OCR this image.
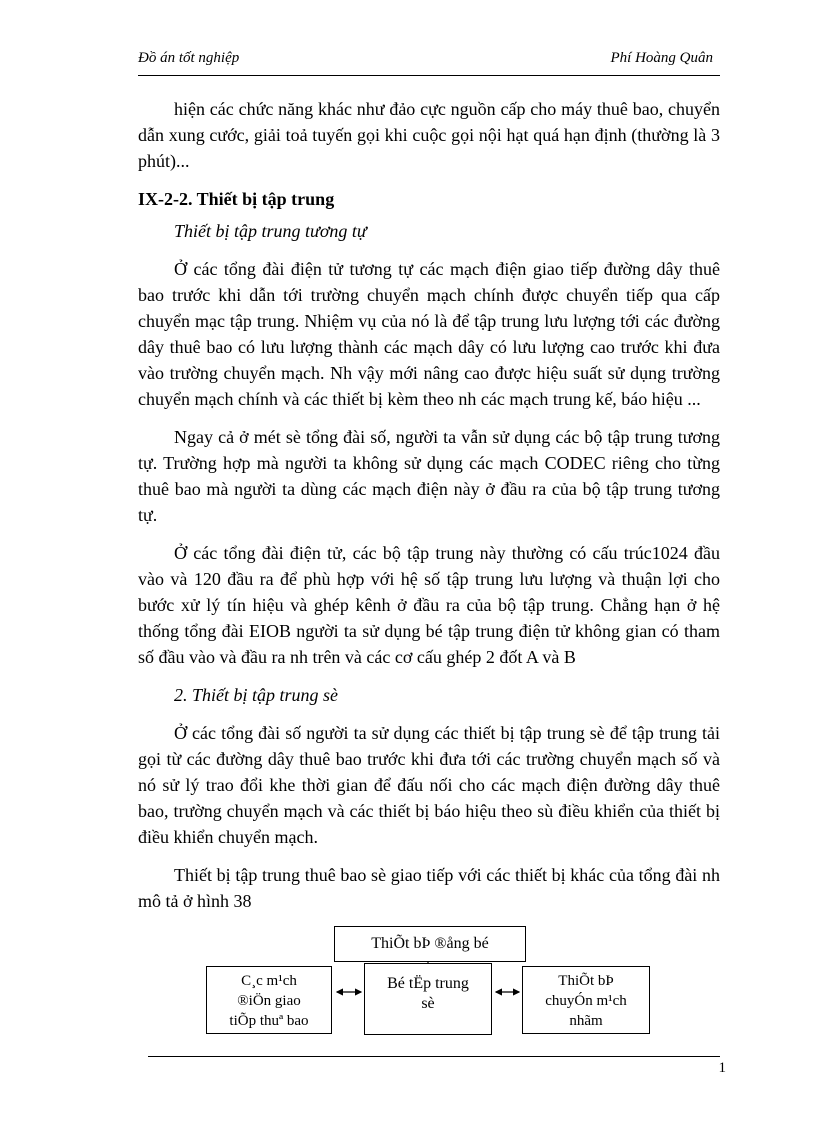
Đồ án tốt nghiệp	Phí Hoàng Quân

hiện các chức năng khác như đảo cực nguồn cấp cho máy thuê bao, chuyển dẫn xung cước, giải toả tuyến gọi khi cuộc gọi nội hạt quá hạn định (thường là 3 phút)...

IX-2-2. Thiết bị tập trung
Thiết bị tập trung tương tự

Ở các tổng đài điện tử tương tự các mạch điện giao tiếp đường dây thuê bao trước khi dẫn tới trường chuyển mạch chính được chuyển tiếp qua cấp chuyển mạc tập trung. Nhiệm vụ của nó là để tập trung lưu lượng tới các đường dây thuê bao có lưu lượng thành các mạch dây có lưu lượng cao trước khi đưa vào trường chuyển mạch. Nh vậy mới nâng cao được hiệu suất sử dụng trường chuyển mạch chính và các thiết bị kèm theo nh các mạch trung kế, báo hiệu ...

Ngay cả ở mét sè tổng đài số, người ta vẫn sử dụng các bộ tập trung tương tự. Trường hợp mà người ta không sử dụng các mạch CODEC riêng cho từng thuê bao mà người ta dùng các mạch điện này ở đầu ra của bộ tập trung tương tự.

Ở các tổng đài điện tử, các bộ tập trung này thường có cấu trúc1024 đầu vào và 120 đầu ra để phù hợp với hệ số tập trung lưu lượng và thuận lợi cho bước xử lý tín hiệu và ghép kênh ở đầu ra của bộ tập trung. Chẳng hạn ở hệ thống tổng đài EIOB người ta sử dụng bé tập trung điện tử không gian có tham số đầu vào và đầu ra nh trên và các cơ cấu ghép 2 đốt A và B

2. Thiết bị tập trung sè

Ở các tổng đài số người ta sử dụng các thiết bị tập trung sè để tập trung tải gọi từ các đường dây thuê bao trước khi đưa tới các trường chuyển mạch số và nó sử lý trao đổi khe thời gian để đấu nối cho các mạch điện đường dây thuê bao, trường chuyển mạch và các thiết bị báo hiệu theo sù điều khiển của thiết bị điều khiển chuyển mạch.

Thiết bị tập trung thuê bao sè giao tiếp với các thiết bị khác của tổng đài nh mô tả ở hình 38

ThiÕt bÞ ®ång bé
C¸c m¹ch
®iÖn giao
tiÕp thuª bao
Bé tËp trung
sè
ThiÕt bÞ
chuyÓn m¹ch
nhãm
1
